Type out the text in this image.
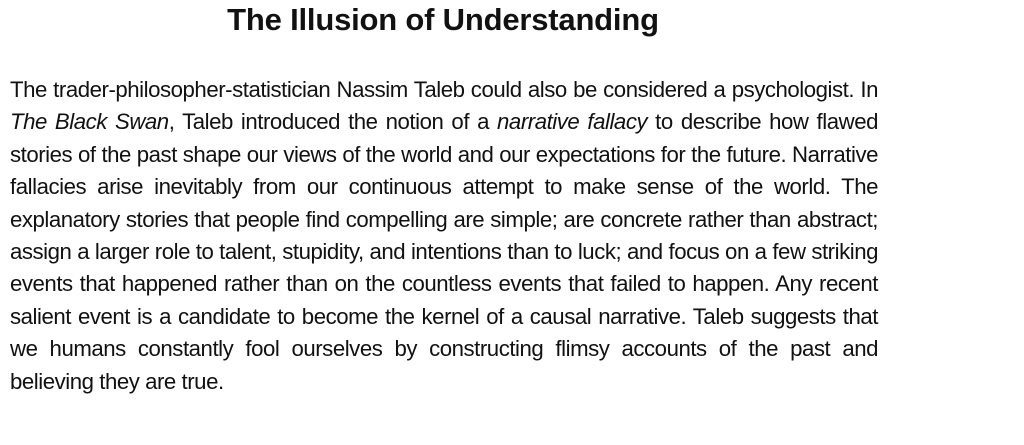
The Illusion of Understanding

The trader-philosopher-statistician Nassim Taleb could also be considered a psychologist. In The Black Swan, Taleb introduced the notion of a narrative fallacy to describe how flawed stories of the past shape our views of the world and our expectations for the future. Narrative fallacies arise inevitably from our continuous attempt to make sense of the world. The explanatory stories that people find compelling are simple; are concrete rather than abstract; assign a larger role to talent, stupidity, and intentions than to luck; and focus on a few striking events that happened rather than on the countless events that failed to happen. Any recent salient event is a candidate to become the kernel of a causal narrative. Taleb suggests that we humans constantly fool ourselves by constructing flimsy accounts of the past and believing they are true.
